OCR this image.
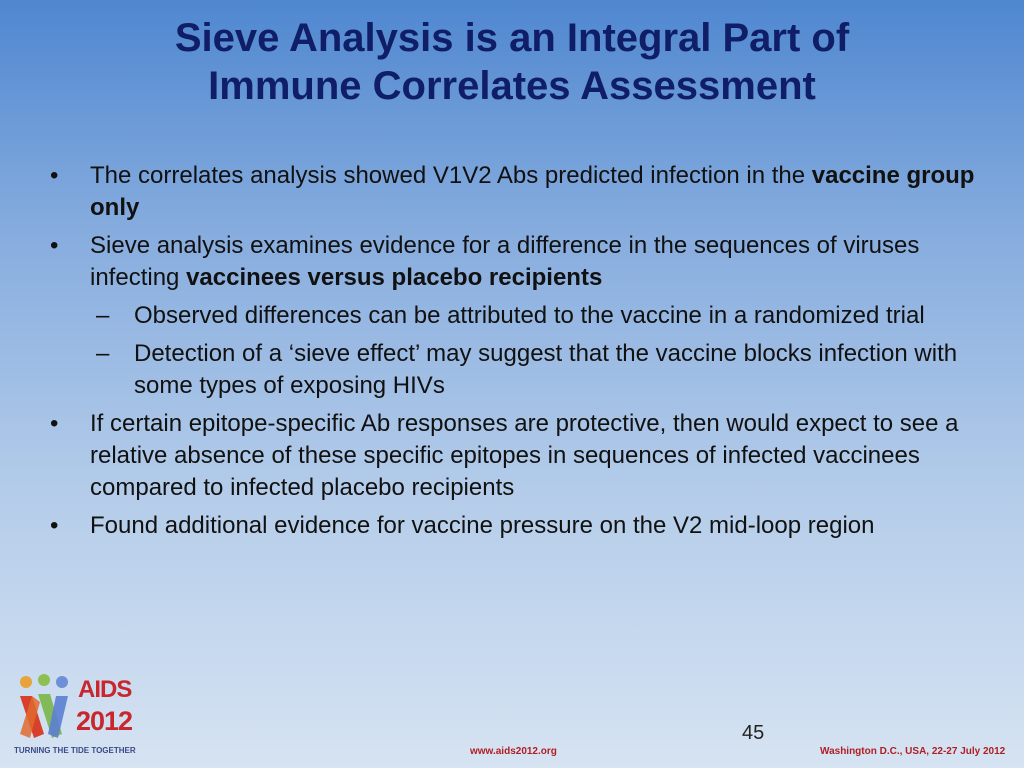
Sieve Analysis is an Integral Part of
Immune Correlates Assessment
• The correlates analysis showed V1V2 Abs predicted infection in the vaccine group only
• Sieve analysis examines evidence for a difference in the sequences of viruses infecting vaccinees versus placebo recipients
– Observed differences can be attributed to the vaccine in a randomized trial
– Detection of a ‘sieve effect’ may suggest that the vaccine blocks infection with some types of exposing HIVs
• If certain epitope-specific Ab responses are protective, then would expect to see a relative absence of these specific epitopes in sequences of infected vaccinees compared to infected placebo recipients
• Found additional evidence for vaccine pressure on the V2 mid-loop region
AIDS
2012
TURNING THE TIDE TOGETHER
45
www.aids2012.org	Washington D.C., USA, 22-27 July 2012
